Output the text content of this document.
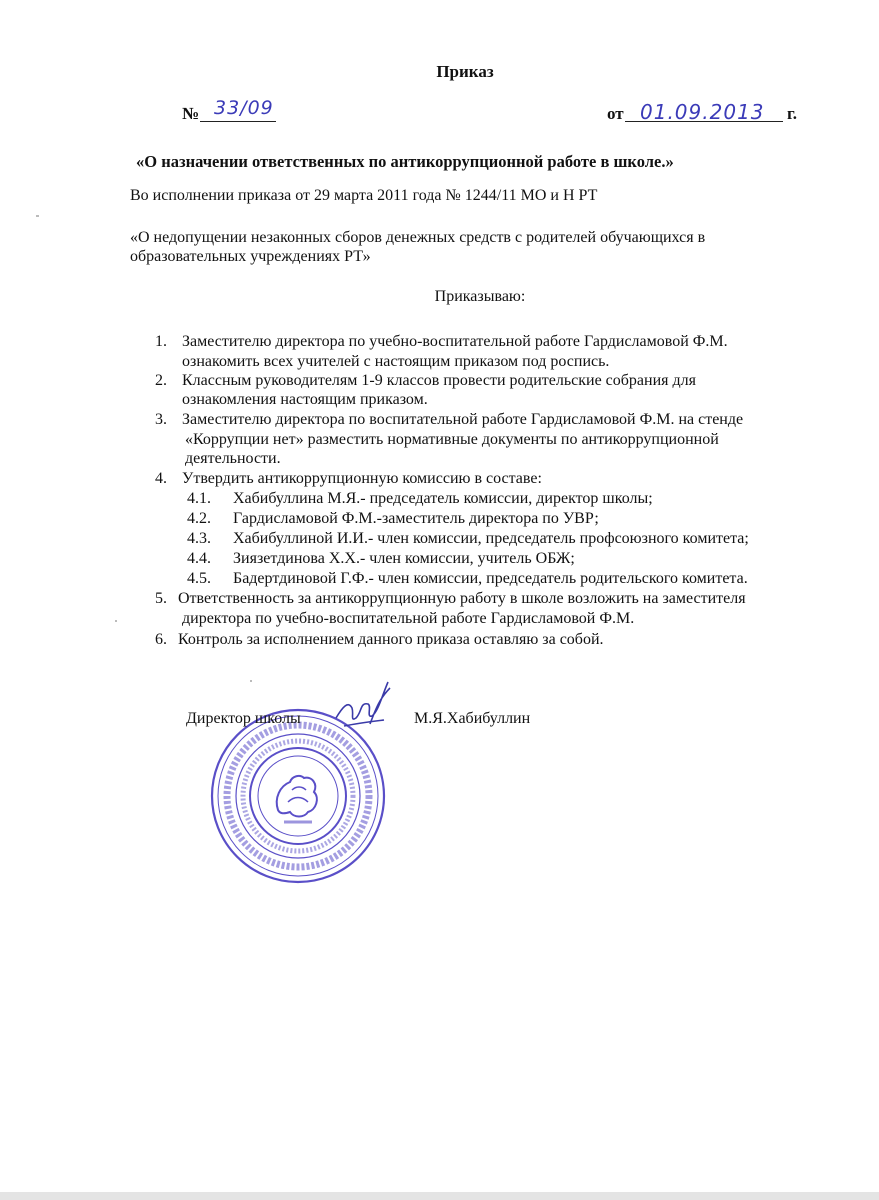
Приказ
№ 33/09	от 01.09.2013 г.
«О назначении ответственных по антикоррупционной работе в школе.»
Во исполнении приказа от 29 марта 2011 года № 1244/11 МО и Н РТ
«О недопущении незаконных сборов денежных средств с родителей обучающихся в
образовательных учреждениях РТ»
Приказываю:
1. Заместителю директора по учебно-воспитательной работе Гардисламовой Ф.М.
ознакомить всех учителей с настоящим приказом под роспись.
2. Классным руководителям 1-9 классов провести родительские собрания для
ознакомления настоящим приказом.
3. Заместителю директора по воспитательной работе Гардисламовой Ф.М. на стенде
«Коррупции нет» разместить нормативные документы по антикоррупционной
деятельности.
4. Утвердить антикоррупционную комиссию в составе:
4.1. Хабибуллина М.Я.- председатель комиссии, директор школы;
4.2. Гардисламовой Ф.М.-заместитель директора по УВР;
4.3. Хабибуллиной И.И.- член комиссии, председатель профсоюзного комитета;
4.4. Зиязетдинова Х.Х.- член комиссии, учитель ОБЖ;
4.5. Бадертдиновой Г.Ф.- член комиссии, председатель родительского комитета.
5. Ответственность за антикоррупционную работу в школе возложить на заместителя
директора по учебно-воспитательной работе Гардисламовой Ф.М.
6. Контроль за исполнением данного приказа оставляю за собой.
Директор школы	М.Я.Хабибуллин
